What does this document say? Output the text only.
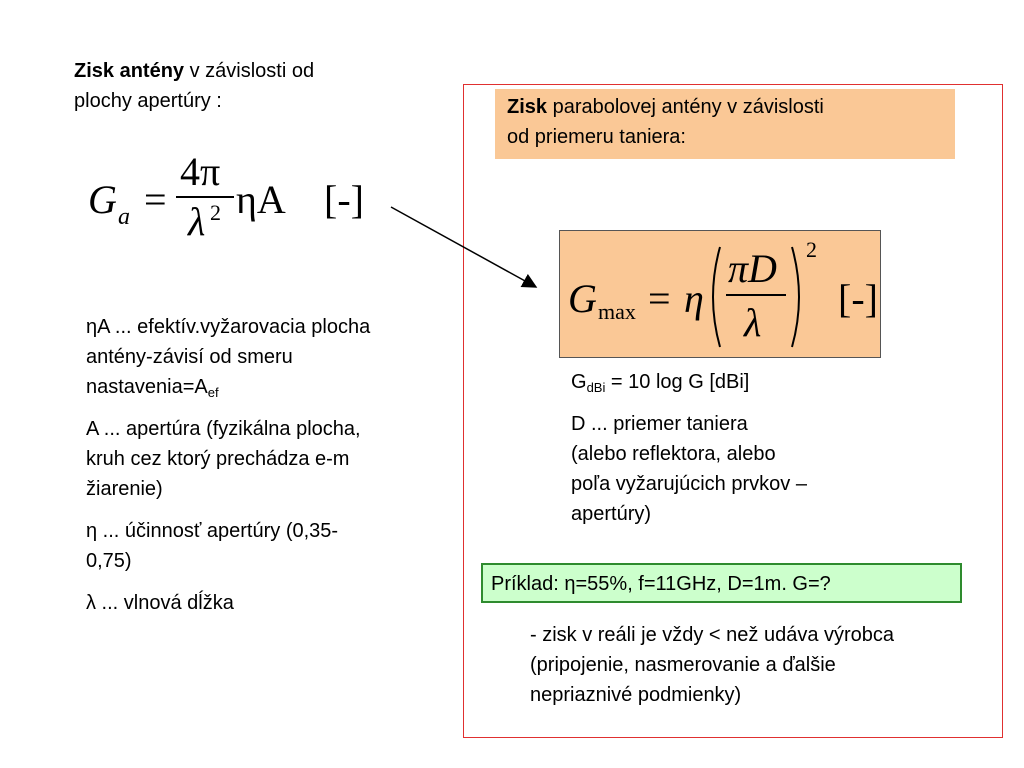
Zisk antény v závislosti od
plochy apertúry :
G a =
4π
λ 2 ηA [-]
ηA ... efektív.vyžarovacia plocha
antény-závisí od smeru
$nastavenia=A_{ef}$
A ... apertúra (fyzikálna plocha,
kruh cez ktorý prechádza e-m
žiarenie)
η ... účinnosť apertúry (0,35-
0,75)
λ ... vlnová dĺžka
Zisk parabolovej antény v závislosti
od priemeru taniera:
G max = η
πD
λ
2
[-]
$G_{dBi} = 10$ log G [dBi]
D ... priemer taniera
(alebo reflektora, alebo
poľa vyžarujúcich prvkov –
apertúry)
Príklad: η=55%, f=11GHz, D=1m. G=?
- zisk v reáli je vždy < než udáva výrobca
(pripojenie, nasmerovanie a ďalšie
nepriaznivé podmienky)
